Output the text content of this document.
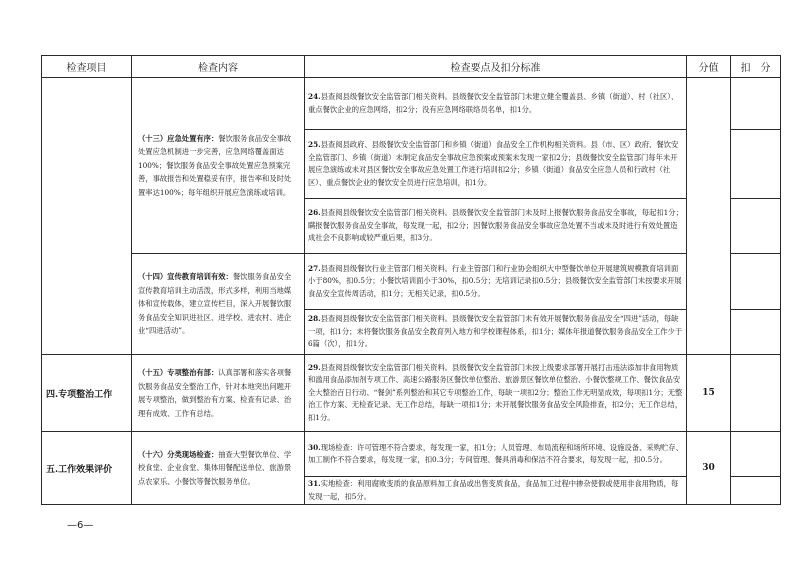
检查项目	检查内容	检查要点及扣分标准	分值	扣　分
	（十三）应急处置有序：餐饮服务食品安全事故处置应急机制进一步完善，应急网络覆盖面达100%；餐饮服务食品安全事故处置应急预案完善，事故报告和处置稳妥有序，报告率和及时处置率达100%；每年组织开展应急演练或培训。	24.县查阅县级餐饮安全监管部门相关资料。县级餐饮安全监管部门未建立健全覆盖县、乡镇（街道）、村（社区）、重点餐饮企业的应急网络，扣2分；没有应急网络联络员名单，扣1分。		
		25.县查阅县政府、县级餐饮安全监管部门和乡镇（街道）食品安全工作机构相关资料。县（市、区）政府、餐饮安全监管部门、乡镇（街道）未制定食品安全事故应急预案或预案未发现一家扣2分；县级餐饮安全监管部门每年未开展应急演练或未对县区餐饮安全事故应急处置工作进行培训扣2分；乡镇（街道）食品安全应急人员和行政村（社区）、重点餐饮企业的餐饮安全员进行应急培训，扣1分。		
		26.县查阅县级餐饮安全监管部门相关资料。县级餐饮安全监管部门未及时上报餐饮服务食品安全事故，每起扣1分；瞒报餐饮服务食品安全事故，每发现一起，扣2分；因餐饮服务食品安全事故应急处置不当或未及时进行有效处置造成社会不良影响或较严重后果，扣3分。		
	（十四）宣传教育培训有效：餐饮服务食品安全宣传教育培训主动活泼，形式多样，利用当地媒体和宣传载体，建立宣传栏目，深入开展餐饮服务食品安全知识进社区、进学校、进农村、进企业“四进活动”。	27.县查阅县级餐饮行业主管部门相关资料。行业主管部门和行业协会组织大中型餐饮单位开展建筑规模教育培训面小于80%，扣0.5分；小餐饮培训面小于30%，扣0.5分；无培训记录扣0.5分；县级餐饮安全监管部门未按要求开展食品安全宣传周活动，扣1分；无相关记录，扣0.5分。		
		28.县查阅县级餐饮安全监管部门相关资料。县级餐饮安全监管部门未有效开展餐饮服务食品安全“四进”活动，每缺一项，扣1分；未将餐饮服务食品安全教育列入地方和学校课程体系，扣1分；媒体年报道餐饮服务食品安全工作少于6篇（次），扣1分。		
四.专项整治工作	（十五）专项整治有部：认真部署和落实各项餐饮服务食品安全整治工作，针对本地突出问题开展专项整治，做到整治有方案、检查有记录、治理有成效、工作有总结。	29.县查阅县级餐饮安全监管部门相关资料。县级餐饮安全监管部门未按上级要求部署开展打击违法添加非食用物质和滥用食品添加剂专项工作、高速公路服务区餐饮单位整治、旅游景区餐饮单位整治、小餐饮整规工作、餐饮食品安全大整治百日行动、“餐剑”系列整治和其它专项整治工作，每缺一项扣2分；整治工作无明显成效，每项扣1分；无整治工作方案、无检查记录、无工作总结，每缺一项扣1分；未开展餐饮服务食品安全风险排查，扣2分；无工作总结，扣1分。	15	
五.工作效果评价	（十六）分类现场检查：抽查大型餐饮单位、学校食堂、企业食堂、集体用餐配送单位、旅游景点农家乐、小餐饮等餐饮服务单位。	30.现场检查：许可管理不符合要求，每发现一家，扣1分；人员管理、布局流程和场所环境、设施设备、采购贮存、加工制作不符合要求，每发现一家，扣0.3分；专间管理、餐具消毒和保洁不符合要求，每发现一起，扣0.5分。	30	
		31.实地检查：利用腐败变质的食品原料加工食品或出售变质食品，食品加工过程中掺杂使假或使用非食用物质，每发现一起，扣5分。		
—6—
